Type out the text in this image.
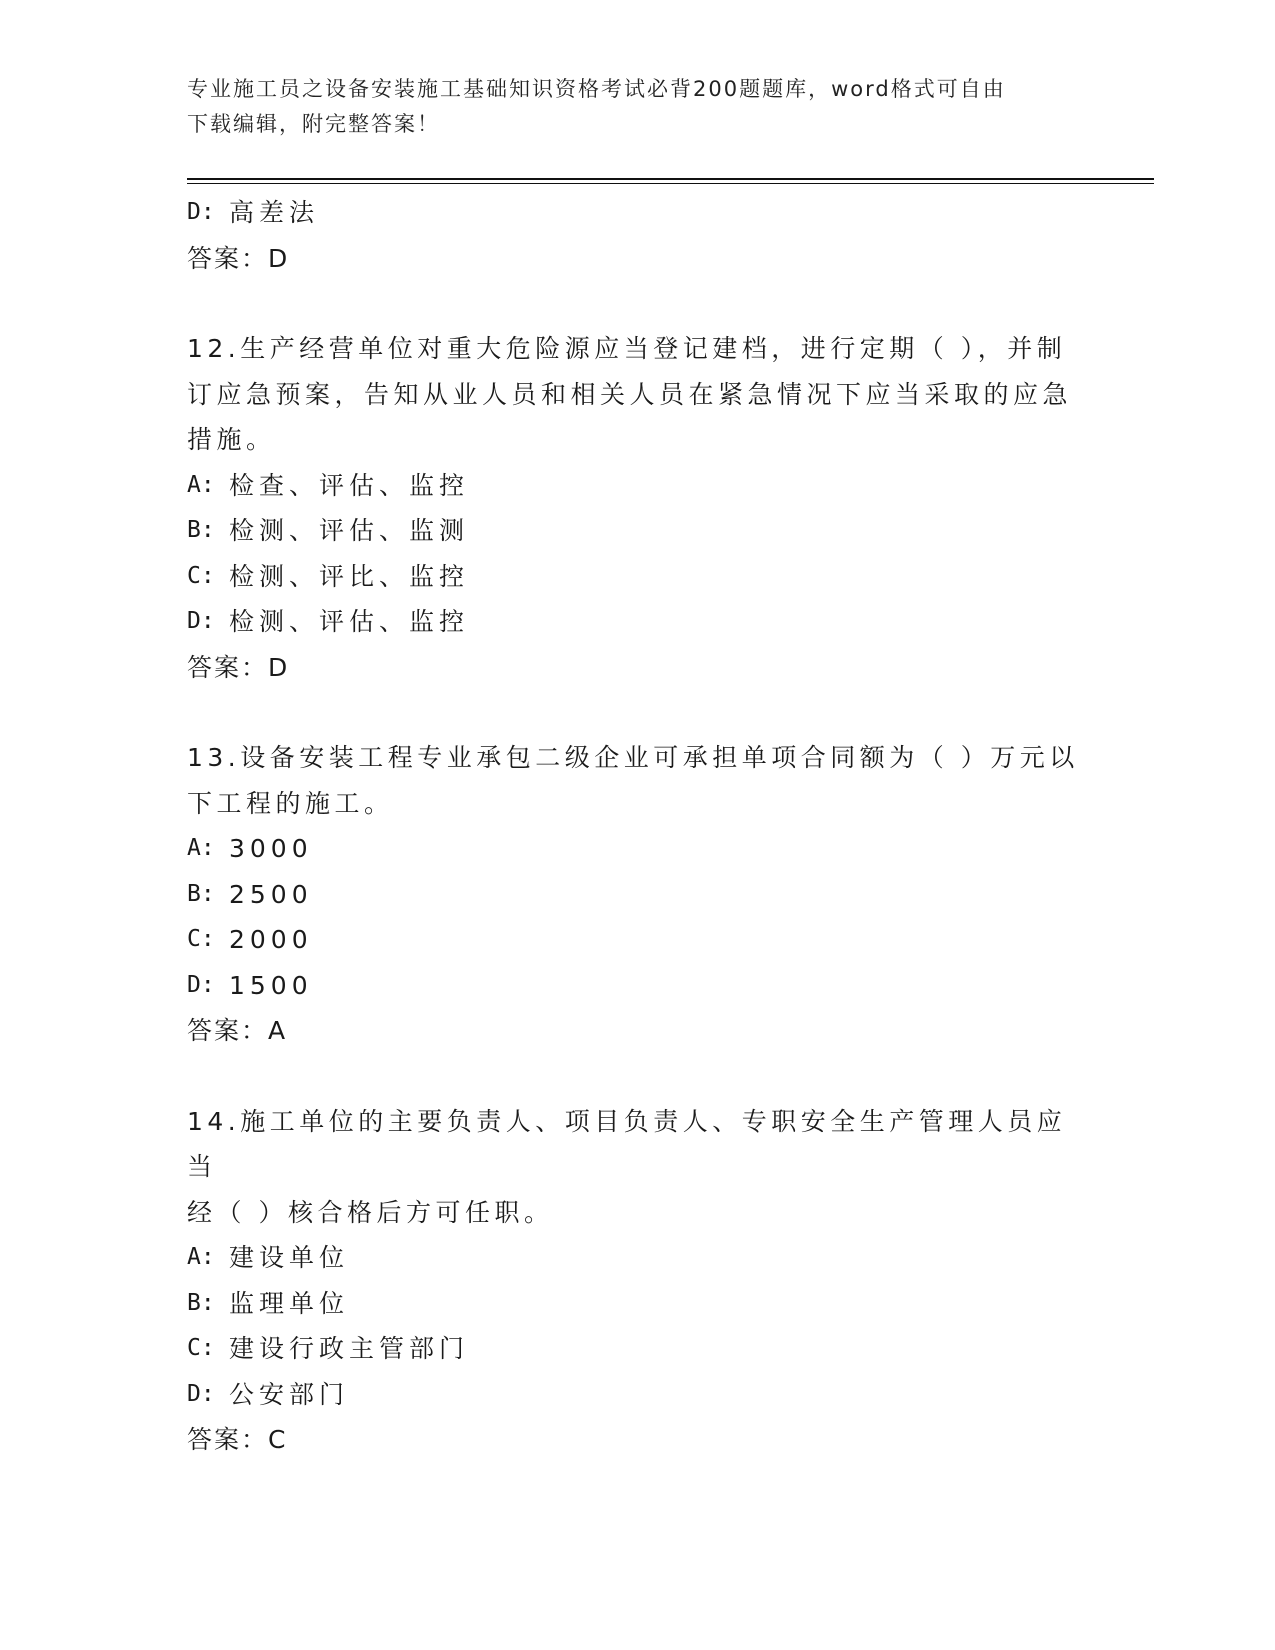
专业施工员之设备安装施工基础知识资格考试必背200题题库，word格式可自由
下载编辑，附完整答案！
D: 高差法
答案：D
12.生产经营单位对重大危险源应当登记建档，进行定期（ ），并制
订应急预案，告知从业人员和相关人员在紧急情况下应当采取的应急
措施。
A: 检查、评估、监控
B: 检测、评估、监测
C: 检测、评比、监控
D: 检测、评估、监控
答案：D
13.设备安装工程专业承包二级企业可承担单项合同额为（ ）万元以
下工程的施工。
A: 3000
B: 2500
C: 2000
D: 1500
答案：A
14.施工单位的主要负责人、项目负责人、专职安全生产管理人员应当
经（ ）核合格后方可任职。
A: 建设单位
B: 监理单位
C: 建设行政主管部门
D: 公安部门
答案：C
